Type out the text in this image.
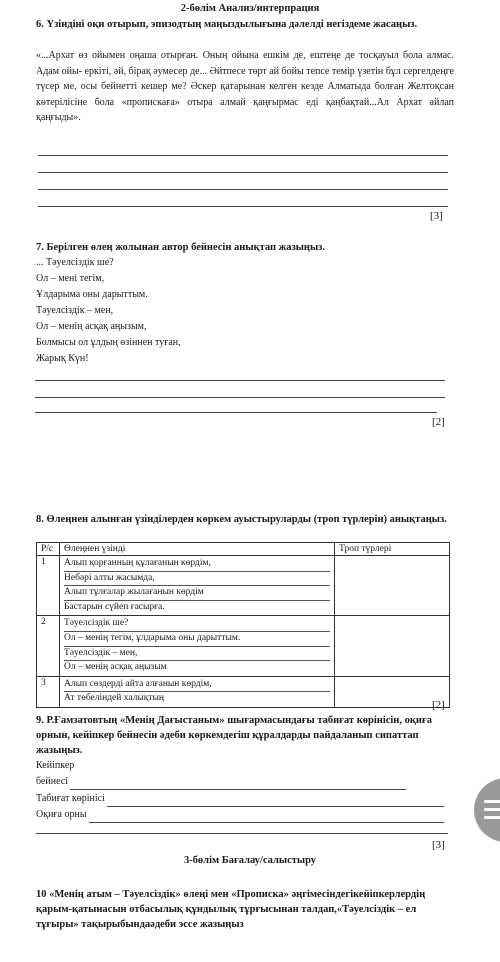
2-бөлім Анализ/интерпрация
6. Үзіндіні оқи отырып, эпизодтың маңыздылығына дәлелді негіздеме жасаңыз.
«...Архат өз ойымен оңаша отырған. Оның ойына ешкім де, ештеңе де тосқауыл бола алмас. Адам ойы- еркіті, әй, бірақ әумесер де... Әйтпесе төрт ай бойы тепсе темір үзетін бұл сергелдеңге түсер ме, осы бейнетті кешер ме? Әскер қатарынан келген кезде Алматыда болған Желтоқсан көтерілісіне бола «пропискаға» отыра алмай қаңғырмас еді қаңбақтай...Ал Архат айлап қаңғыды».
[3]
7. Берілген өлең жолынан автор бейнесін анықтап жазыңыз.
... Тәуелсіздік ше?
Ол – мені тегім,
Ұлдарыма оны дарыттым.
Тәуелсіздік – мен,
Ол – менің асқақ аңызым,
Болмысы ол ұлдың өзіннен туған,
Жарық Күн!
[2]
8. Өлеңнен алынған үзінділерден көркем ауыстыруларды (троп түрлерін) анықтаңыз.
Р/с	Өлеңнен үзінді	Троп түрлері
1	Алып қорғанның құлағанын көрдім,
Небәрі алты жасымда,
Алып тұлғалар жылағанын көрдім
Бастарын сүйеп ғасырға.	

2	Тәуелсіздік ше?
Ол – менің тегім, ұлдарыма оны дарыттым.
Тәуелсіздік – мен,
Ол – менің асқақ аңызым	

3	Алып сөздерді айта алғанын көрдім,
Ат төбеліндей халықтың	

[2]
9. Р.Ғамзатовтың «Менің Дағыстаным» шығармасындағы табиғат көрінісін, оқиға орнын, кейіпкер бейнесін әдеби көркемдегіш құралдарды пайдаланып сипаттап жазыңыз.
Кейіпкер
бейнесі
Табиғат көрінісі
Оқиға орны
[3]
3-бөлім Бағалау/салыстыру
10 «Менің атым – Тәуелсіздік» өлеңі мен «Прописка» әңгімесіндегікейіпкерлердің қарым-қатынасын отбасылық құндылық тұрғысынан талдап,«Тәуелсіздік – ел тұғыры» тақырыбындаәдеби эссе жазыңыз
